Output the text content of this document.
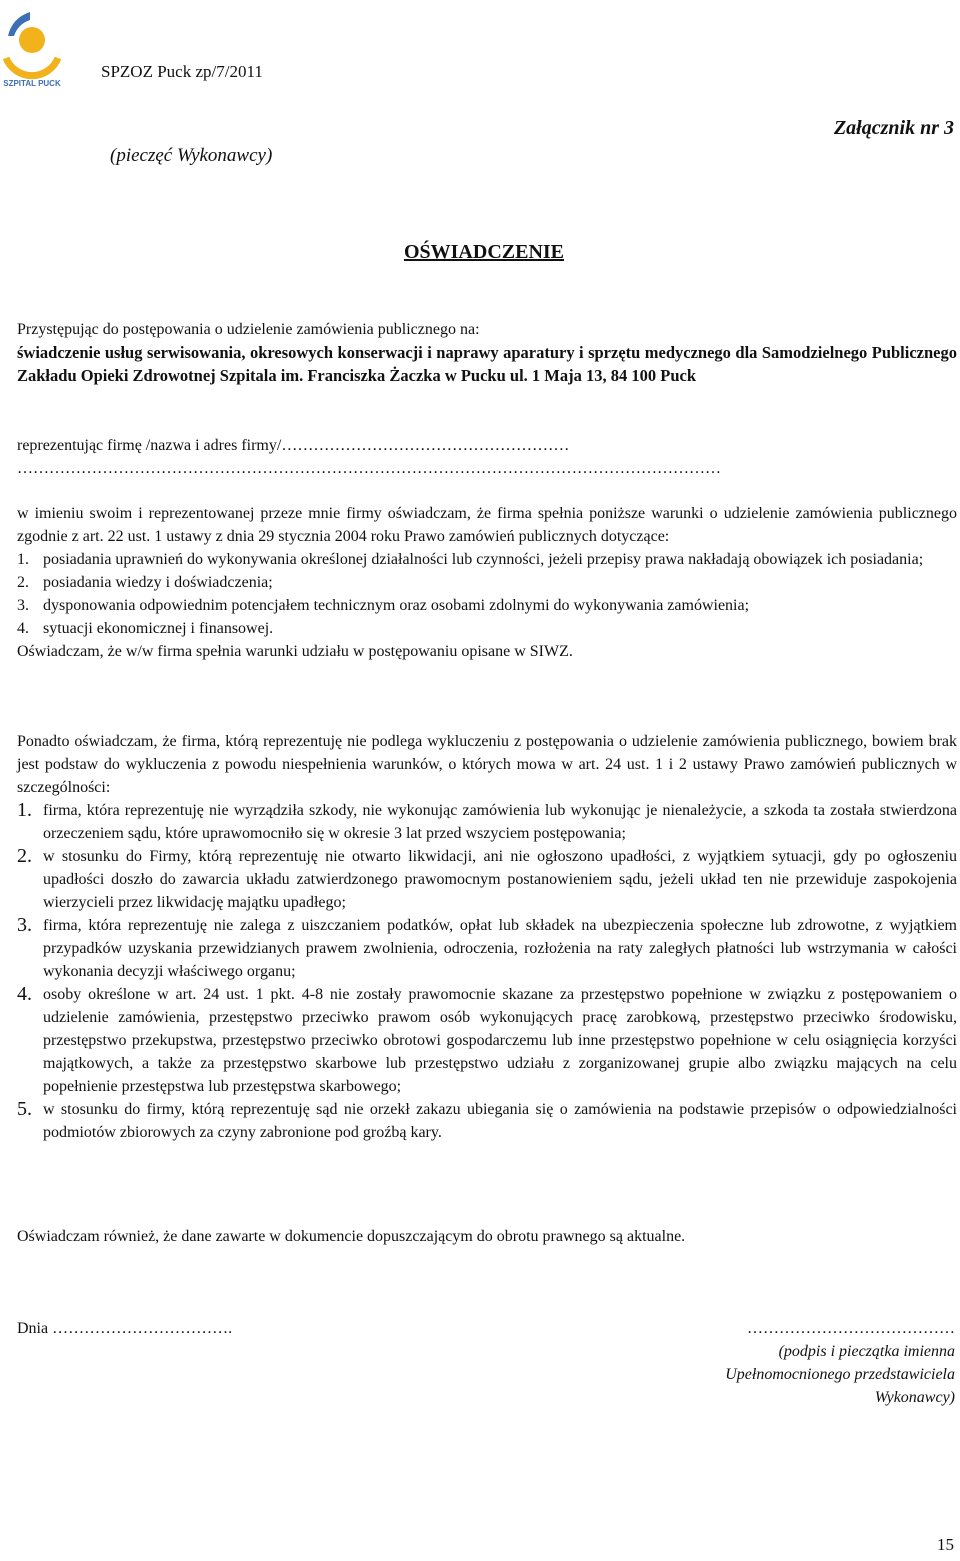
SZPITAL PUCK
SPZOZ Puck zp/7/2011
(pieczęć Wykonawcy)
Załącznik nr 3
OŚWIADCZENIE
Przystępując do postępowania o udzielenie zamówienia publicznego na:
świadczenie usług serwisowania, okresowych konserwacji i naprawy aparatury i sprzętu medycznego dla Samodzielnego Publicznego Zakładu Opieki Zdrowotnej Szpitala im. Franciszka Żaczka w Pucku ul. 1 Maja 13, 84 100 Puck
reprezentując firmę /nazwa i adres firmy/………………………………………………
……………………………………………………………………………………………………………………
w imieniu swoim i reprezentowanej przeze mnie firmy oświadczam, że firma spełnia poniższe warunki o udzielenie zamówienia publicznego zgodnie z art. 22 ust. 1 ustawy z dnia 29 stycznia 2004 roku Prawo zamówień publicznych dotyczące:
1. posiadania uprawnień do wykonywania określonej działalności lub czynności, jeżeli przepisy prawa nakładają obowiązek ich posiadania;
2. posiadania wiedzy i doświadczenia;
3. dysponowania odpowiednim potencjałem technicznym oraz osobami zdolnymi do wykonywania zamówienia;
4. sytuacji ekonomicznej i finansowej.
Oświadczam, że w/w firma spełnia warunki udziału w postępowaniu opisane w SIWZ.
Ponadto oświadczam, że firma, którą reprezentuję nie podlega wykluczeniu z postępowania o udzielenie zamówienia publicznego, bowiem brak jest podstaw do wykluczenia z powodu niespełnienia warunków, o których mowa w art. 24 ust. 1 i 2 ustawy Prawo zamówień publicznych w szczególności:
1. firma, która reprezentuję nie wyrządziła szkody, nie wykonując zamówienia lub wykonując je nienależycie, a szkoda ta została stwierdzona orzeczeniem sądu, które uprawomocniło się w okresie 3 lat przed wszyciem postępowania;
2. w stosunku do Firmy, którą reprezentuję nie otwarto likwidacji, ani nie ogłoszono upadłości, z wyjątkiem sytuacji, gdy po ogłoszeniu upadłości doszło do zawarcia układu zatwierdzonego prawomocnym postanowieniem sądu, jeżeli układ ten nie przewiduje zaspokojenia wierzycieli przez likwidację majątku upadłego;
3. firma, która reprezentuję nie zalega z uiszczaniem podatków, opłat lub składek na ubezpieczenia społeczne lub zdrowotne, z wyjątkiem przypadków uzyskania przewidzianych prawem zwolnienia, odroczenia, rozłożenia na raty zaległych płatności lub wstrzymania w całości wykonania decyzji właściwego organu;
4. osoby określone w art. 24 ust. 1 pkt. 4-8 nie zostały prawomocnie skazane za przestępstwo popełnione w związku z postępowaniem o udzielenie zamówienia, przestępstwo przeciwko prawom osób wykonujących pracę zarobkową, przestępstwo przeciwko środowisku, przestępstwo przekupstwa, przestępstwo przeciwko obrotowi gospodarczemu lub inne przestępstwo popełnione w celu osiągnięcia korzyści majątkowych, a także za przestępstwo skarbowe lub przestępstwo udziału z zorganizowanej grupie albo związku mających na celu popełnienie przestępstwa lub przestępstwa skarbowego;
5. w stosunku do firmy, którą reprezentuję sąd nie orzekł zakazu ubiegania się o zamówienia na podstawie przepisów o odpowiedzialności podmiotów zbiorowych za czyny zabronione pod groźbą kary.
Oświadczam również, że dane zawarte w dokumencie dopuszczającym do obrotu prawnego są aktualne.
Dnia …………………………….	…………………………………
(podpis i pieczątka imienna
Upełnomocnionego przedstawiciela
Wykonawcy)
15
